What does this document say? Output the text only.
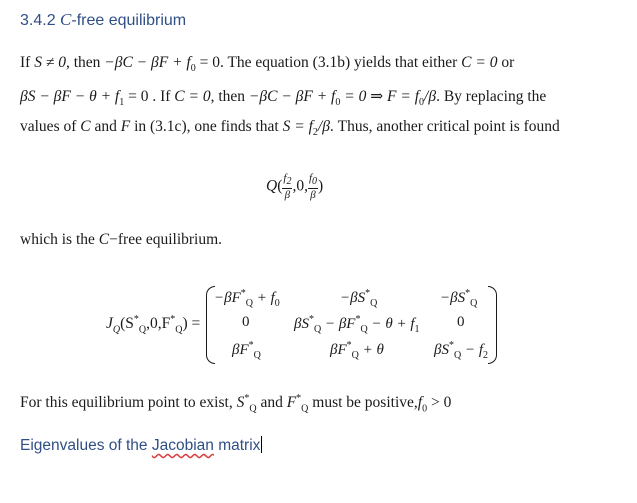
3.4.2 C-free equilibrium
If S ≠ 0, then $-\beta C - \beta F + f_0 = 0$. The equation (3.1b) yields that either C = 0 or
$\beta S - \beta F - \theta + f_1 = 0$ . If C = 0, then $-\beta C - \beta F + f_0 = 0$ ⇒ $F = f_0/\beta$. By replacing the
values of C and F in (3.1c), one finds that $S = f_2/\beta$. Thus, another critical point is found
$Q( \frac{f_2}{\beta} ,0$, $\frac{f_0}{\beta}$ )
which is the C−free equilibrium.
$J_Q(S^*_Q,0,F^*_Q)$ =
$-\beta F^*_Q + f_0$	$-\beta S^*_Q$	$-\beta S^*_Q$
0	$\beta S^*_Q - \beta F^*_Q - \theta + f_1$	0
$\beta F^*_Q$	$\beta F^*_Q + \theta$	$\beta S^*_Q - f_2$
For this equilibrium point to exist, $S^*_Q$ and $F^*_Q$ must be $positive,f_0 > 0$
Eigenvalues of the Jacobian matrix
